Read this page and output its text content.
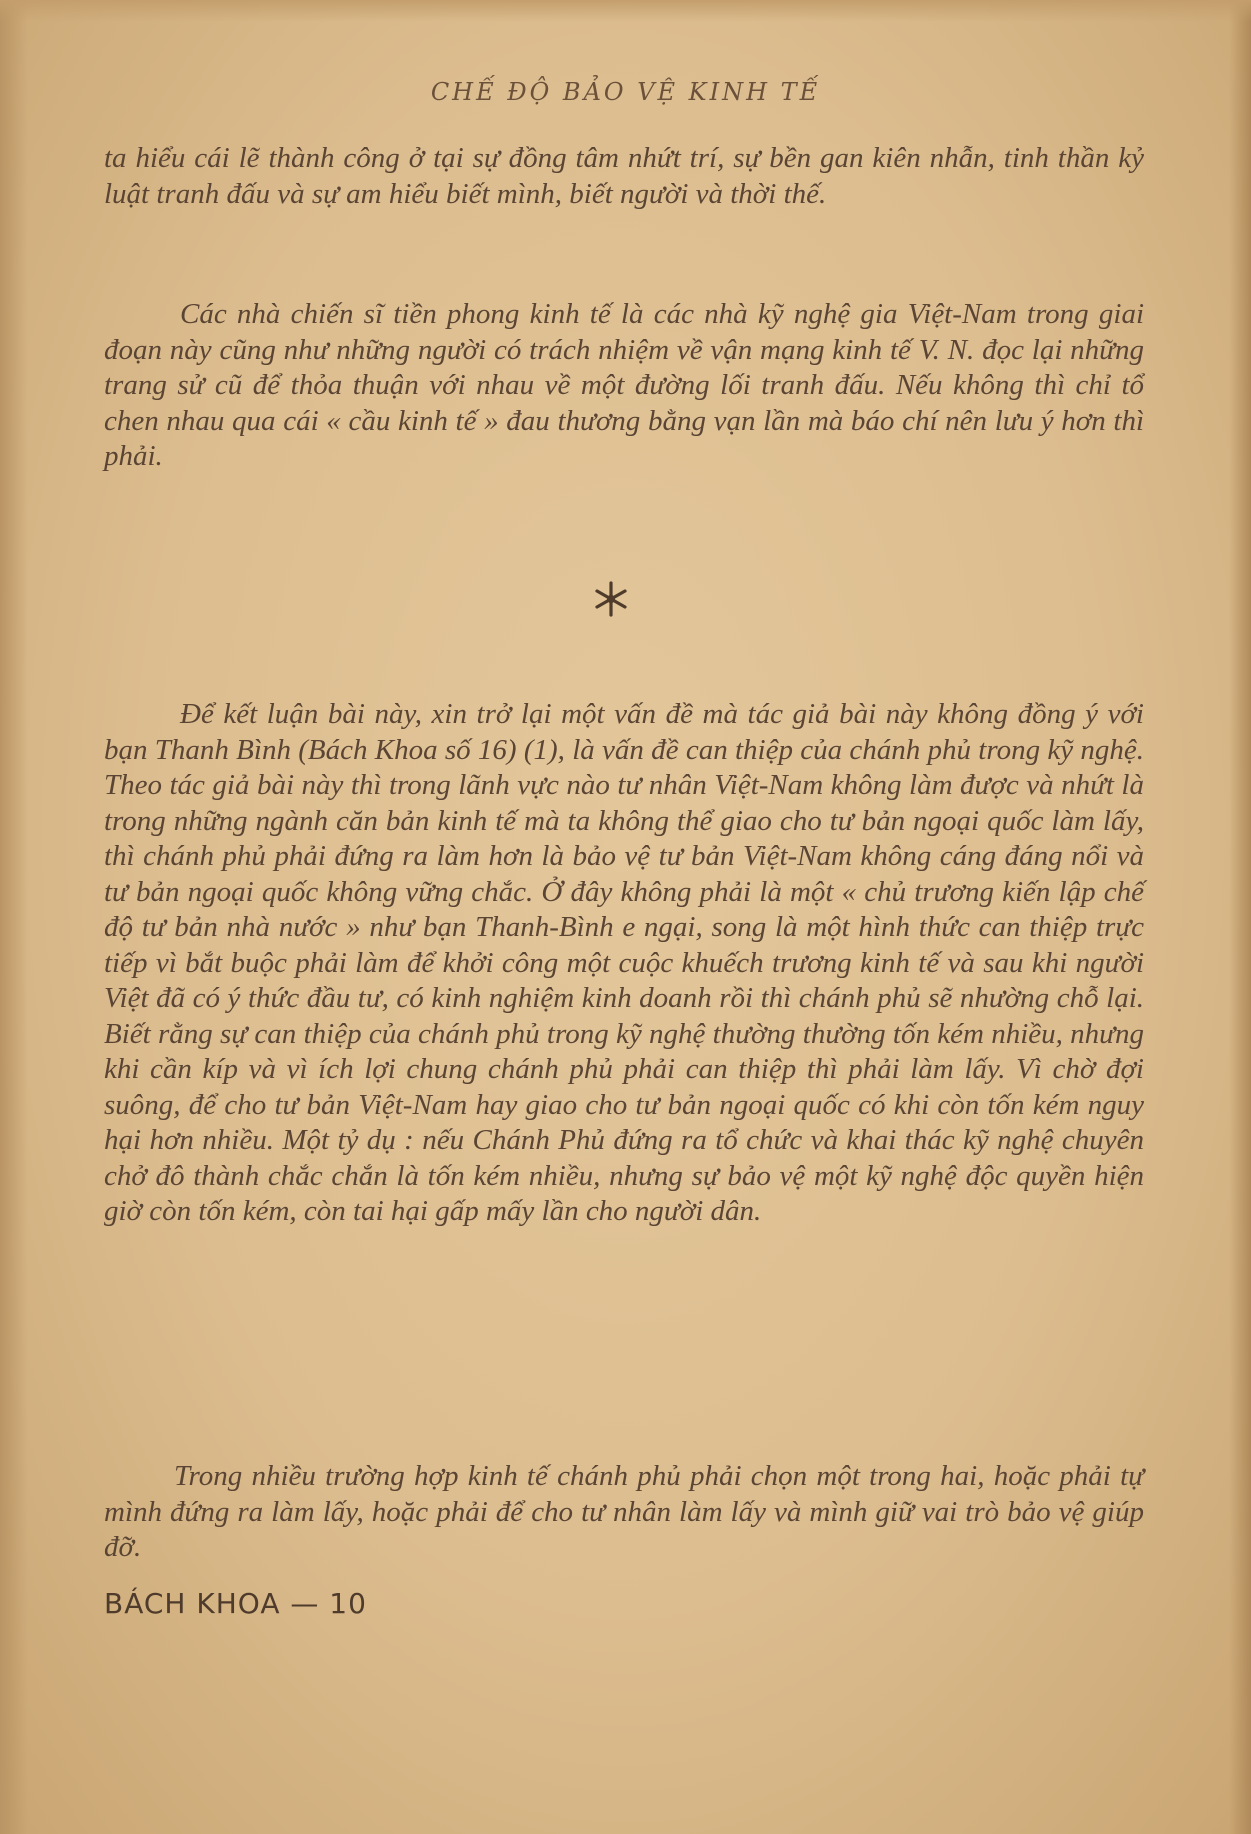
CHẾ ĐỘ BẢO VỆ KINH TẾ
ta hiểu cái lẽ thành công ở tại sự đồng tâm nhứt trí, sự bền gan kiên nhẫn, tinh thần kỷ luật tranh đấu và sự am hiểu biết mình, biết người và thời thế.
Các nhà chiến sĩ tiền phong kinh tế là các nhà kỹ nghệ gia Việt-Nam trong giai đoạn này cũng như những người có trách nhiệm về vận mạng kinh tế V. N. đọc lại những trang sử cũ để thỏa thuận với nhau về một đường lối tranh đấu. Nếu không thì chỉ tổ chen nhau qua cái « cầu kinh tế » đau thương bằng vạn lần mà báo chí nên lưu ý hơn thì phải.
Để kết luận bài này, xin trở lại một vấn đề mà tác giả bài này không đồng ý với bạn Thanh Bình (Bách Khoa số 16) (1), là vấn đề can thiệp của chánh phủ trong kỹ nghệ. Theo tác giả bài này thì trong lãnh vực nào tư nhân Việt-Nam không làm được và nhứt là trong những ngành căn bản kinh tế mà ta không thể giao cho tư bản ngoại quốc làm lấy, thì chánh phủ phải đứng ra làm hơn là bảo vệ tư bản Việt-Nam không cáng đáng nổi và tư bản ngoại quốc không vững chắc. Ở đây không phải là một « chủ trương kiến lập chế độ tư bản nhà nước » như bạn Thanh-Bình e ngại, song là một hình thức can thiệp trực tiếp vì bắt buộc phải làm để khởi công một cuộc khuếch trương kinh tế và sau khi người Việt đã có ý thức đầu tư, có kinh nghiệm kinh doanh rồi thì chánh phủ sẽ nhường chỗ lại. Biết rằng sự can thiệp của chánh phủ trong kỹ nghệ thường thường tốn kém nhiều, nhưng khi cần kíp và vì ích lợi chung chánh phủ phải can thiệp thì phải làm lấy. Vì chờ đợi suông, để cho tư bản Việt-Nam hay giao cho tư bản ngoại quốc có khi còn tốn kém nguy hại hơn nhiều. Một tỷ dụ : nếu Chánh Phủ đứng ra tổ chức và khai thác kỹ nghệ chuyên chở đô thành chắc chắn là tốn kém nhiều, nhưng sự bảo vệ một kỹ nghệ độc quyền hiện giờ còn tốn kém, còn tai hại gấp mấy lần cho người dân.
Trong nhiều trường hợp kinh tế chánh phủ phải chọn một trong hai, hoặc phải tự mình đứng ra làm lấy, hoặc phải để cho tư nhân làm lấy và mình giữ vai trò bảo vệ giúp đỡ.
BÁCH KHOA — 10
